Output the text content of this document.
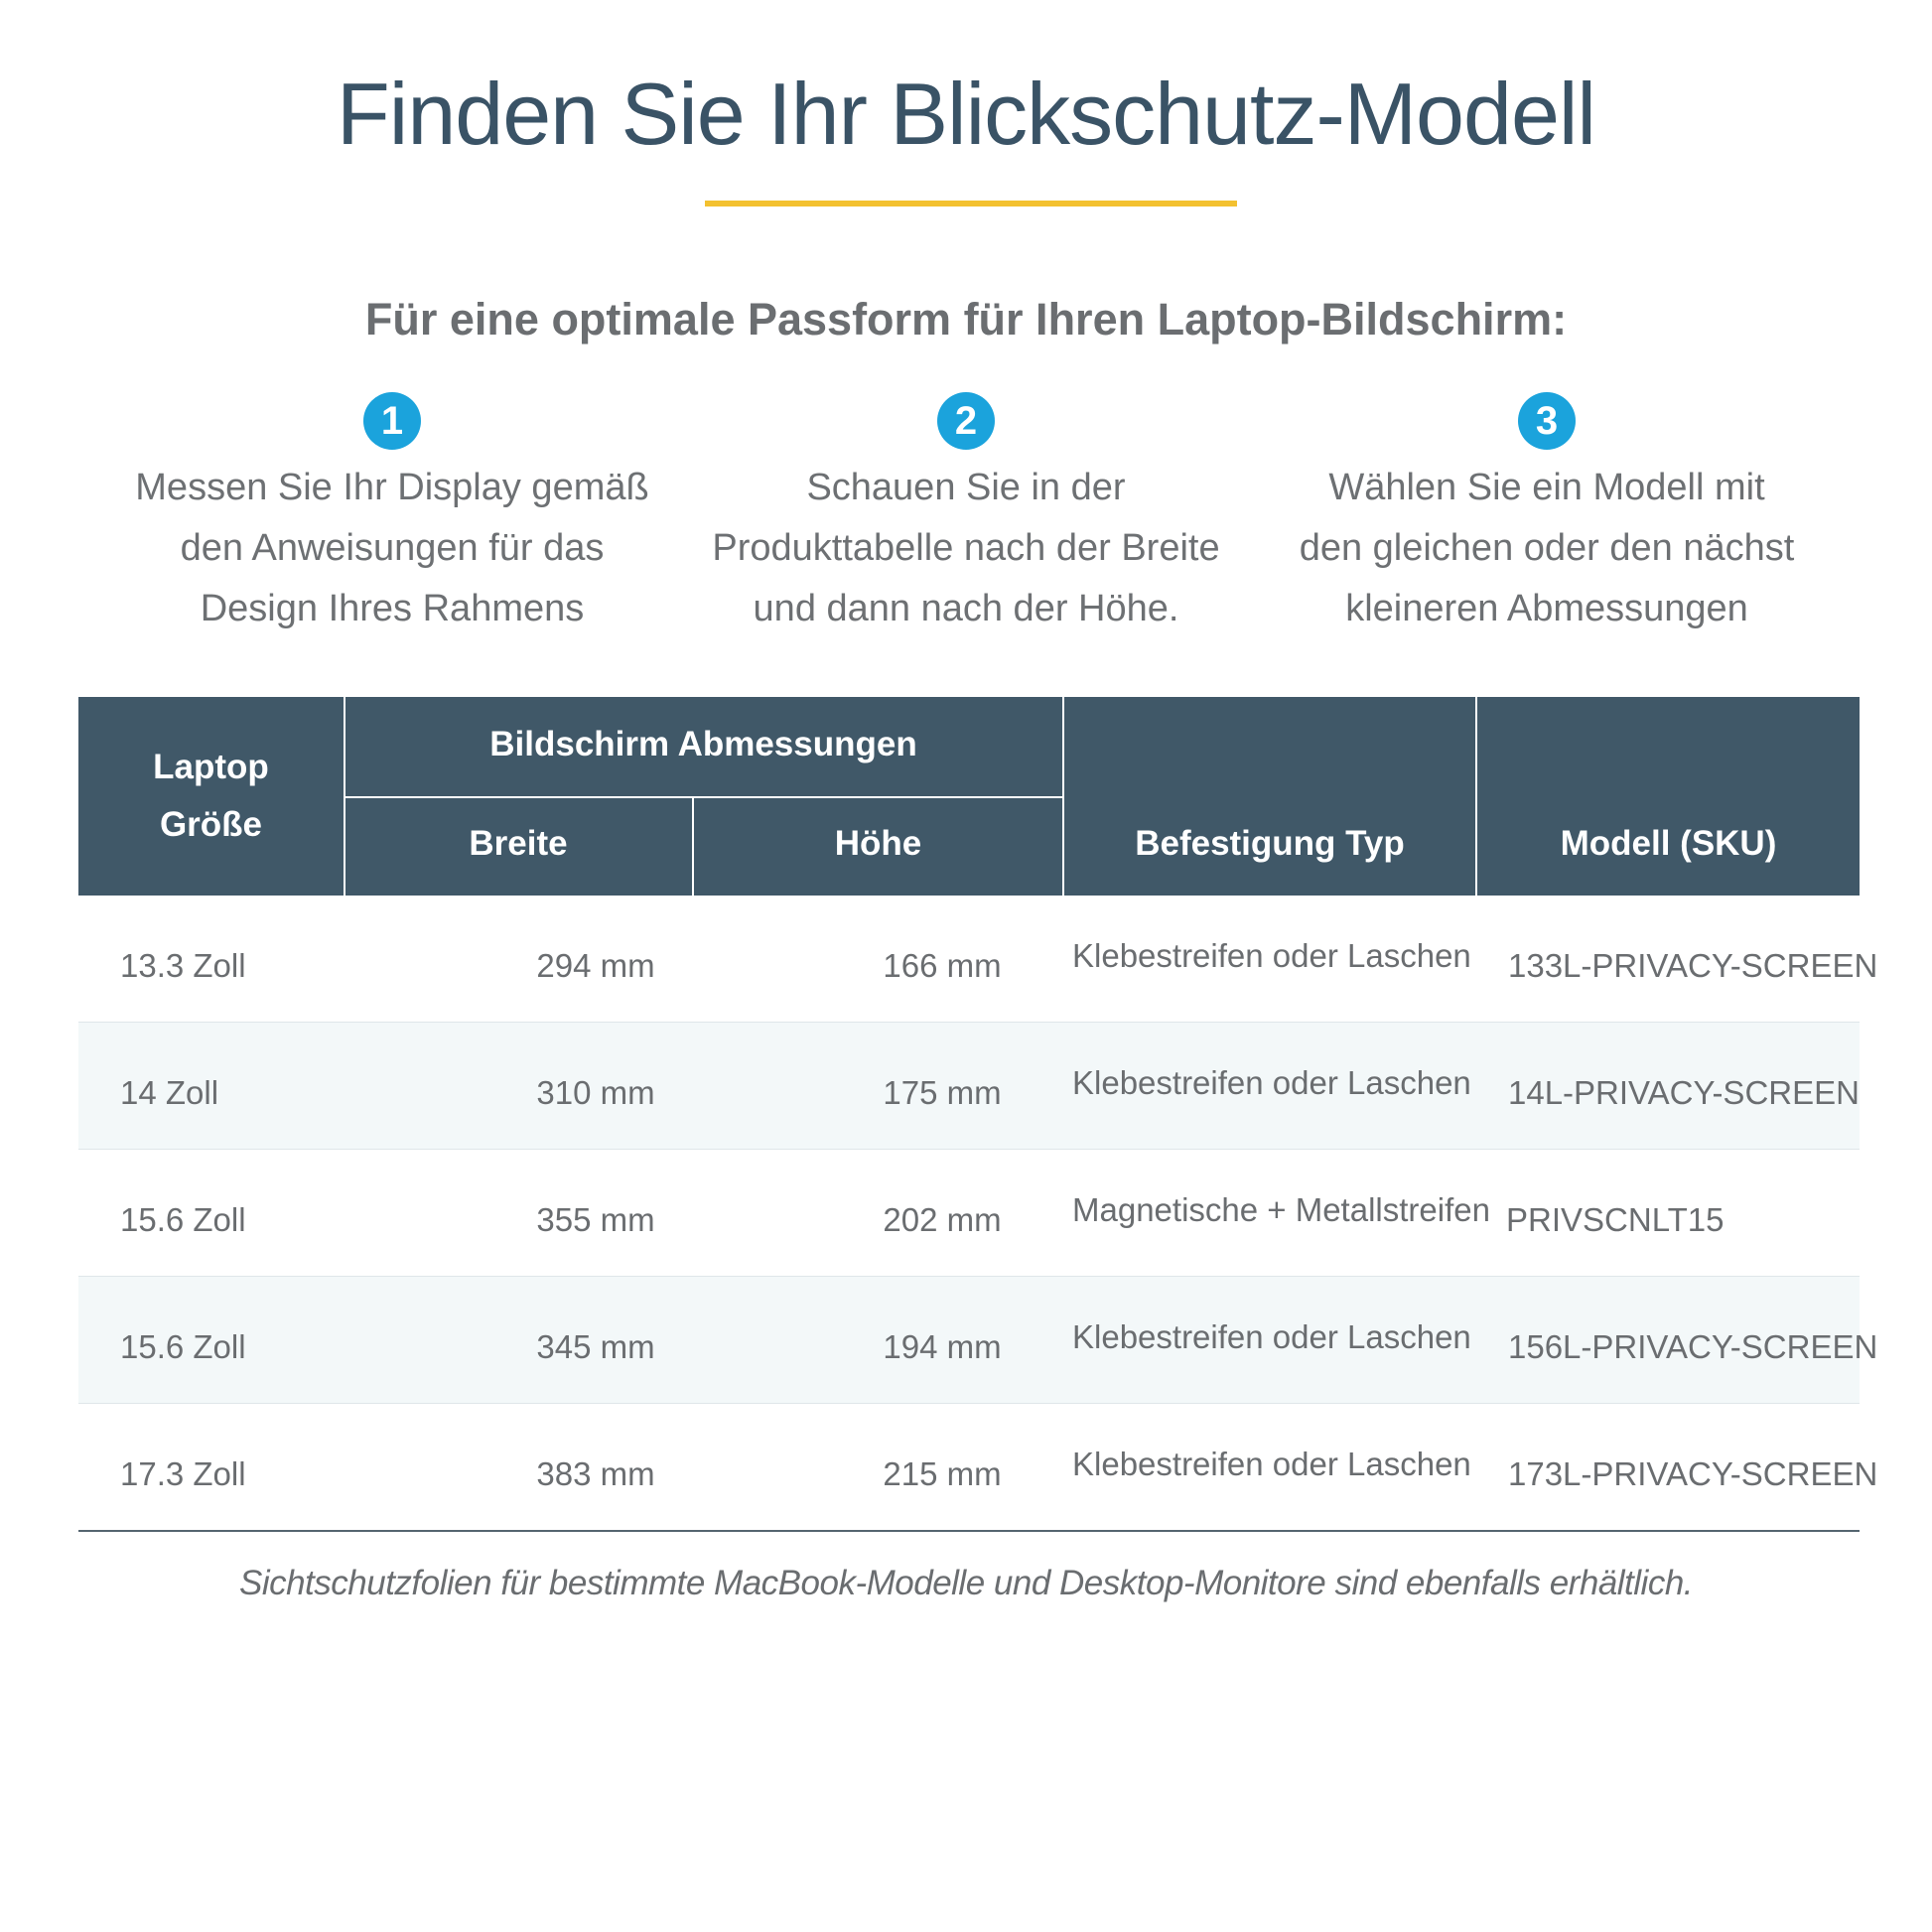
Finden Sie Ihr Blickschutz-Modell
Für eine optimale Passform für Ihren Laptop-Bildschirm:
1
Messen Sie Ihr Display gemäß
den Anweisungen für das
Design Ihres Rahmens
2
Schauen Sie in der
Produkttabelle nach der Breite
und dann nach der Höhe.
3
Wählen Sie ein Modell mit
den gleichen oder den nächst
kleineren Abmessungen
Laptop
Größe
Bildschirm Abmessungen
Breite	Höhe	Befestigung Typ	Modell (SKU)
13.3 Zoll	294 mm	166 mm	Klebestreifen oder Laschen 133L-PRIVACY-SCREEN
14 Zoll	310 mm	175 mm	Klebestreifen oder Laschen 14L-PRIVACY-SCREEN
15.6 Zoll	355 mm	202 mm	Magnetische + Metallstreifen PRIVSCNLT15
15.6 Zoll	345 mm	194 mm	Klebestreifen oder Laschen 156L-PRIVACY-SCREEN
17.3 Zoll	383 mm	215 mm	Klebestreifen oder Laschen 173L-PRIVACY-SCREEN
Sichtschutzfolien für bestimmte MacBook-Modelle und Desktop-Monitore sind ebenfalls erhältlich.
